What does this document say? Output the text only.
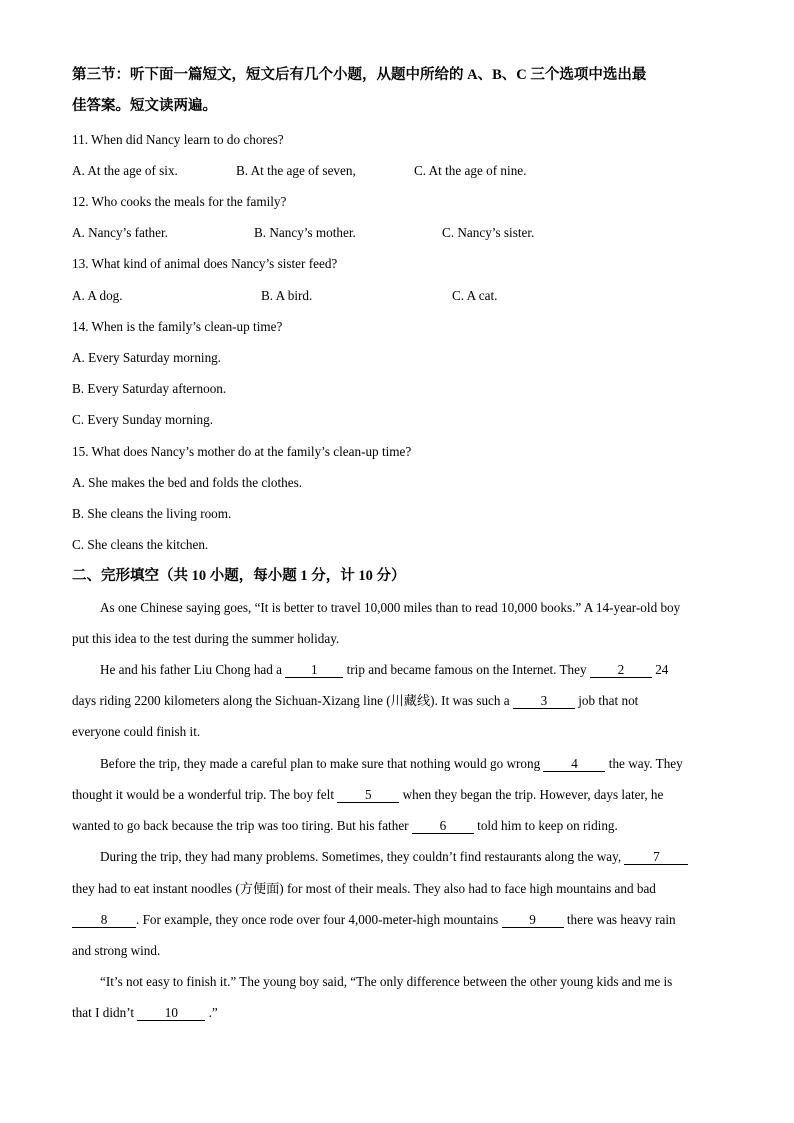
第三节：听下面一篇短文，短文后有几个小题，从题中所给的 A、B、C 三个选项中选出最
佳答案。短文读两遍。
11. When did Nancy learn to do chores?
A. At the age of six.	B. At the age of seven,	C. At the age of nine.
12. Who cooks the meals for the family?
A. Nancy’s father.	B. Nancy’s mother.	C. Nancy’s sister.
13. What kind of animal does Nancy’s sister feed?
A. A dog.	B. A bird.	C. A cat.
14. When is the family’s clean-up time?
A. Every Saturday morning.
B. Every Saturday afternoon.
C. Every Sunday morning.
15. What does Nancy’s mother do at the family’s clean-up time?
A. She makes the bed and folds the clothes.
B. She cleans the living room.
C. She cleans the kitchen.
二、完形填空（共 10 小题，每小题 1 分，计 10 分）
As one Chinese saying goes, “It is better to travel 10,000 miles than to read 10,000 books.” A 14-year-old boy
put this idea to the test during the summer holiday.
He and his father Liu Chong had a 1 trip and became famous on the Internet. They 2 24
days riding 2200 kilometers along the Sichuan-Xizang line (川藏线). It was such a 3 job that not
everyone could finish it.
Before the trip, they made a careful plan to make sure that nothing would go wrong 4 the way. They
thought it would be a wonderful trip. The boy felt 5 when they began the trip. However, days later, he
wanted to go back because the trip was too tiring. But his father 6 told him to keep on riding.
During the trip, they had many problems. Sometimes, they couldn’t find restaurants along the way, 7
they had to eat instant noodles (方便面) for most of their meals. They also had to face high mountains and bad
8 . For example, they once rode over four 4,000-meter-high mountains 9 there was heavy rain
and strong wind.
“It’s not easy to finish it.” The young boy said, “The only difference between the other young kids and me is
that I didn’t 10 .”
